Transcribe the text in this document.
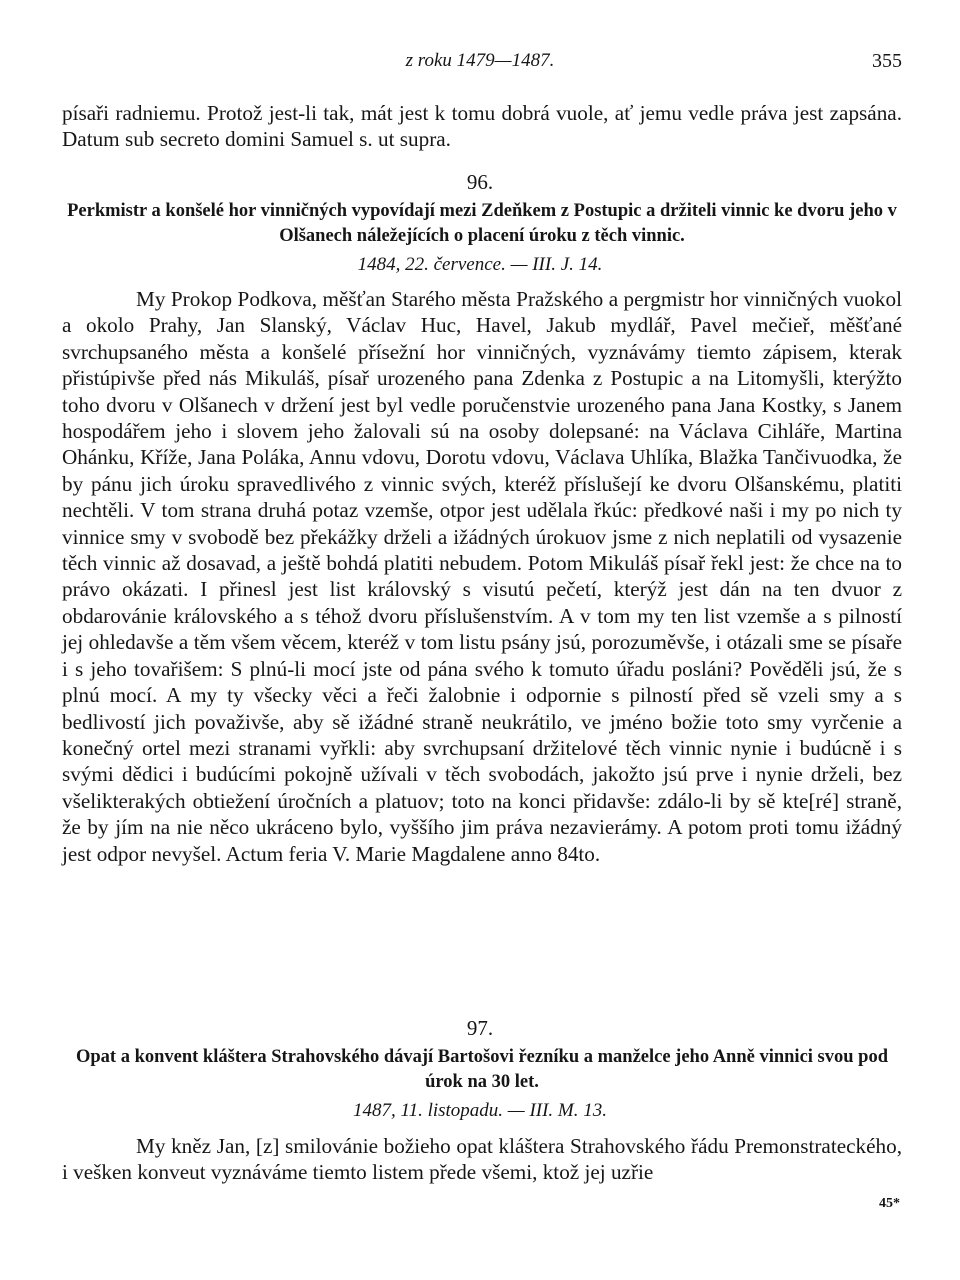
z roku 1479—1487.	355

písaři radniemu. Protož jest-li tak, mát jest k tomu dobrá vuole, ať jemu vedle práva jest zapsána. Datum sub secreto domini Samuel s. ut supra.

96.

Perkmistr a konšelé hor vinničných vypovídají mezi Zdeňkem z Postupic a držiteli vinnic ke dvoru jeho v Olšanech náležejících o placení úroku z těch vinnic.

1484, 22. července. — III. J. 14.

My Prokop Podkova, měšťan Starého města Pražského a pergmistr hor vinničných vuokol a okolo Prahy, Jan Slanský, Václav Huc, Havel, Jakub mydlář, Pavel mečieř, měšťané svrchupsaného města a konšelé přísežní hor vinničných, vyznávámy tiemto zápisem, kterak přistúpivše před nás Mikuláš, písař urozeného pana Zdenka z Postupic a na Litomyšli, kterýžto toho dvoru v Olšanech v držení jest byl vedle poručenstvie urozeného pana Jana Kostky, s Janem hospodářem jeho i slovem jeho žalovali sú na osoby dolepsané: na Václava Cihláře, Martina Ohánku, Kříže, Jana Poláka, Annu vdovu, Dorotu vdovu, Václava Uhlíka, Blažka Tančivuodka, že by pánu jich úroku spravedlivého z vinnic svých, kteréž příslušejí ke dvoru Olšanskému, platiti nechtěli. V tom strana druhá potaz vzemše, otpor jest udělala řkúc: předkové naši i my po nich ty vinnice smy v svobodě bez překážky drželi a ižádných úrokuov jsme z nich neplatili od vysazenie těch vinnic až dosavad, a ještě bohdá platiti nebudem. Potom Mikuláš písař řekl jest: že chce na to právo okázati. I přinesl jest list královský s visutú pečetí, kterýž jest dán na ten dvuor z obdarovánie královského a s téhož dvoru příslušenstvím. A v tom my ten list vzemše a s pilností jej ohledavše a těm všem věcem, kteréž v tom listu psány jsú, porozuměvše, i otázali sme se písaře i s jeho tovařišem: S plnú-li mocí jste od pána svého k tomuto úřadu posláni? Pověděli jsú, že s plnú mocí. A my ty všecky věci a řeči žalobnie i odpornie s pilností před sě vzeli smy a s bedlivostí jich považivše, aby sě ižádné straně neukrátilo, ve jméno božie toto smy vyrčenie a konečný ortel mezi stranami vyřkli: aby svrchupsaní držitelové těch vinnic nynie i budúcně i s svými dědici i budúcími pokojně užívali v těch svobodách, jakožto jsú prve i nynie drželi, bez všelikterakých obtiežení úročních a platuov; toto na konci přidavše: zdálo-li by sě kte[ré] straně, že by jím na nie něco ukráceno bylo, vyššího jim práva nezavierámy. A potom proti tomu ižádný jest odpor nevyšel. Actum feria V. Marie Magdalene anno 84to.

97.

Opat a konvent kláštera Strahovského dávají Bartošovi řezníku a manželce jeho Anně vinnici svou pod úrok na 30 let.

1487, 11. listopadu. — III. M. 13.

My kněz Jan, [z] smilovánie božieho opat kláštera Strahovského řádu Premonstrateckého, i vešken konveut vyznáváme tiemto listem přede všemi, ktož jej uzřie

45*
